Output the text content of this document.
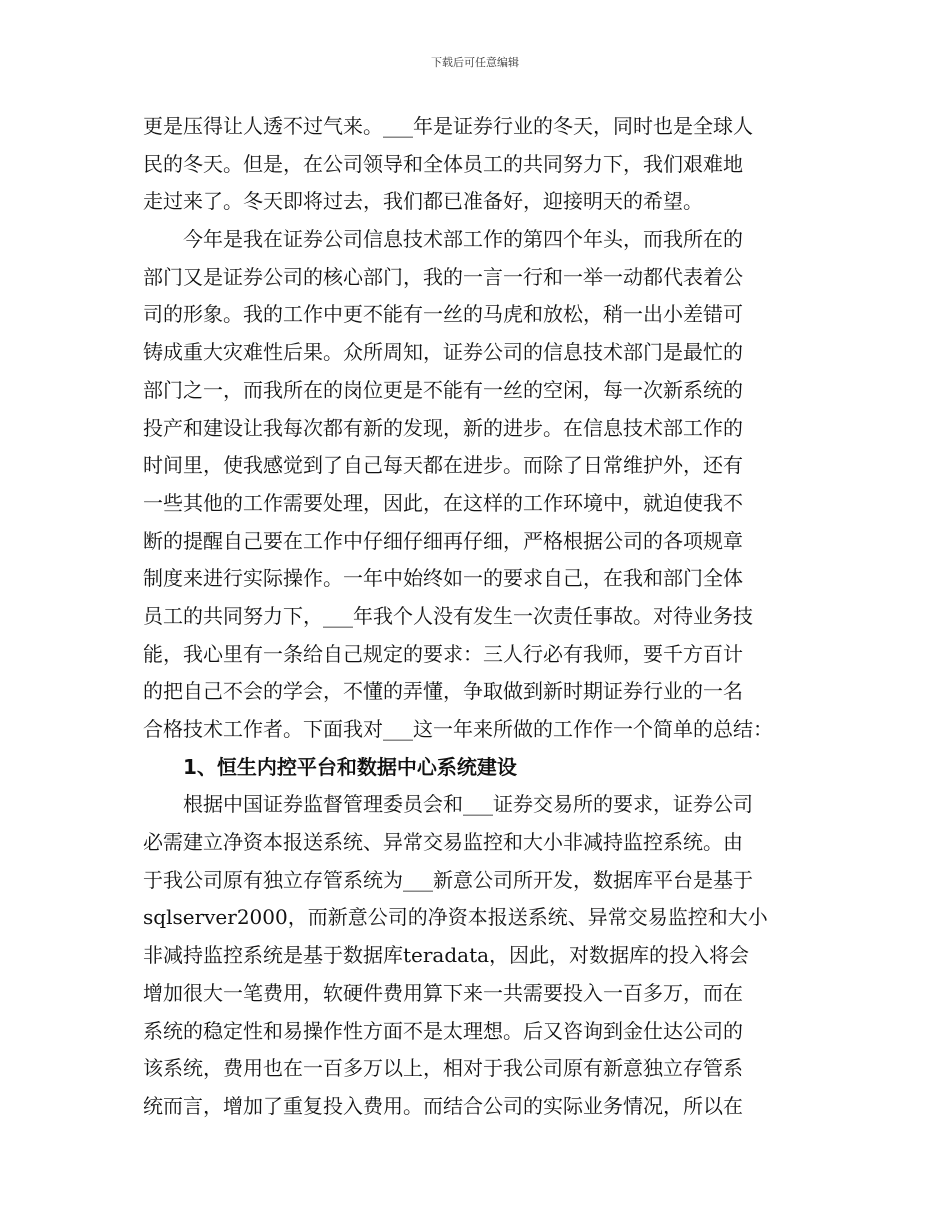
下载后可任意编辑
更是压得让人透不过气来。___年是证券行业的冬天，同时也是全球人
民的冬天。但是，在公司领导和全体员工的共同努力下，我们艰难地
走过来了。冬天即将过去，我们都已准备好，迎接明天的希望。
今年是我在证券公司信息技术部工作的第四个年头，而我所在的
部门又是证券公司的核心部门，我的一言一行和一举一动都代表着公
司的形象。我的工作中更不能有一丝的马虎和放松，稍一出小差错可
铸成重大灾难性后果。众所周知，证券公司的信息技术部门是最忙的
部门之一，而我所在的岗位更是不能有一丝的空闲，每一次新系统的
投产和建设让我每次都有新的发现，新的进步。在信息技术部工作的
时间里，使我感觉到了自己每天都在进步。而除了日常维护外，还有
一些其他的工作需要处理，因此，在这样的工作环境中，就迫使我不
断的提醒自己要在工作中仔细仔细再仔细，严格根据公司的各项规章
制度来进行实际操作。一年中始终如一的要求自己，在我和部门全体
员工的共同努力下，___年我个人没有发生一次责任事故。对待业务技
能，我心里有一条给自己规定的要求：三人行必有我师，要千方百计
的把自己不会的学会，不懂的弄懂，争取做到新时期证券行业的一名
合格技术工作者。下面我对___这一年来所做的工作作一个简单的总结：
1、恒生内控平台和数据中心系统建设
根据中国证券监督管理委员会和___证券交易所的要求，证券公司
必需建立净资本报送系统、异常交易监控和大小非减持监控系统。由
于我公司原有独立存管系统为___新意公司所开发，数据库平台是基于
sqlserver2000，而新意公司的净资本报送系统、异常交易监控和大小
非减持监控系统是基于数据库teradata，因此，对数据库的投入将会
增加很大一笔费用，软硬件费用算下来一共需要投入一百多万，而在
系统的稳定性和易操作性方面不是太理想。后又咨询到金仕达公司的
该系统，费用也在一百多万以上，相对于我公司原有新意独立存管系
统而言，增加了重复投入费用。而结合公司的实际业务情况，所以在
